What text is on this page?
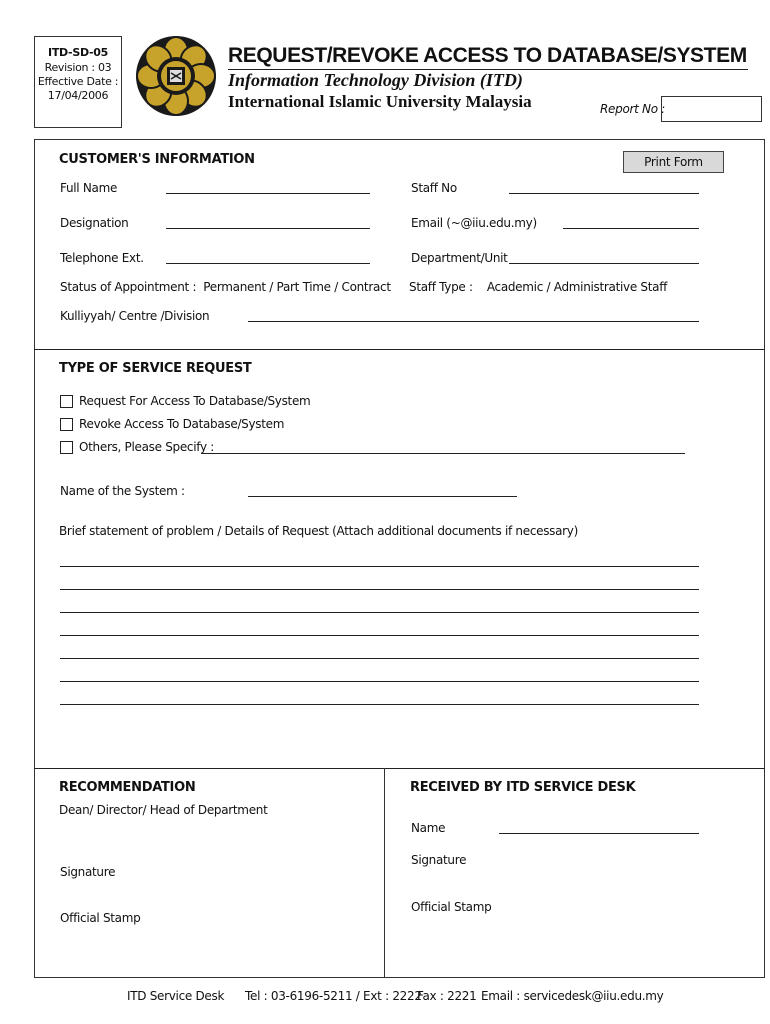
ITD-SD-05
Revision : 03
Effective Date :
17/04/2006
REQUEST/REVOKE ACCESS TO DATABASE/SYSTEM
Information Technology Division (ITD)
International Islamic University Malaysia	Report No :
CUSTOMER'S INFORMATION	Print Form
Full Name	Staff No
Designation	Email (~@iiu.edu.my)
Telephone Ext.	Department/Unit
Status of Appointment :  Permanent / Part Time / Contract Staff Type :    Academic / Administrative Staff
Kulliyyah/ Centre /Division
TYPE OF SERVICE REQUEST
Request For Access To Database/System
Revoke Access To Database/System
Others, Please Specify :
Name of the System :
Brief statement of problem / Details of Request (Attach additional documents if necessary)
RECOMMENDATION
Dean/ Director/ Head of Department
Signature
Official Stamp
RECEIVED BY ITD SERVICE DESK
Name
Signature
Official Stamp
ITD Service Desk Tel : 03-6196-5211 / Ext : 2222
Fax : 2221 Email : servicedesk@iiu.edu.my
